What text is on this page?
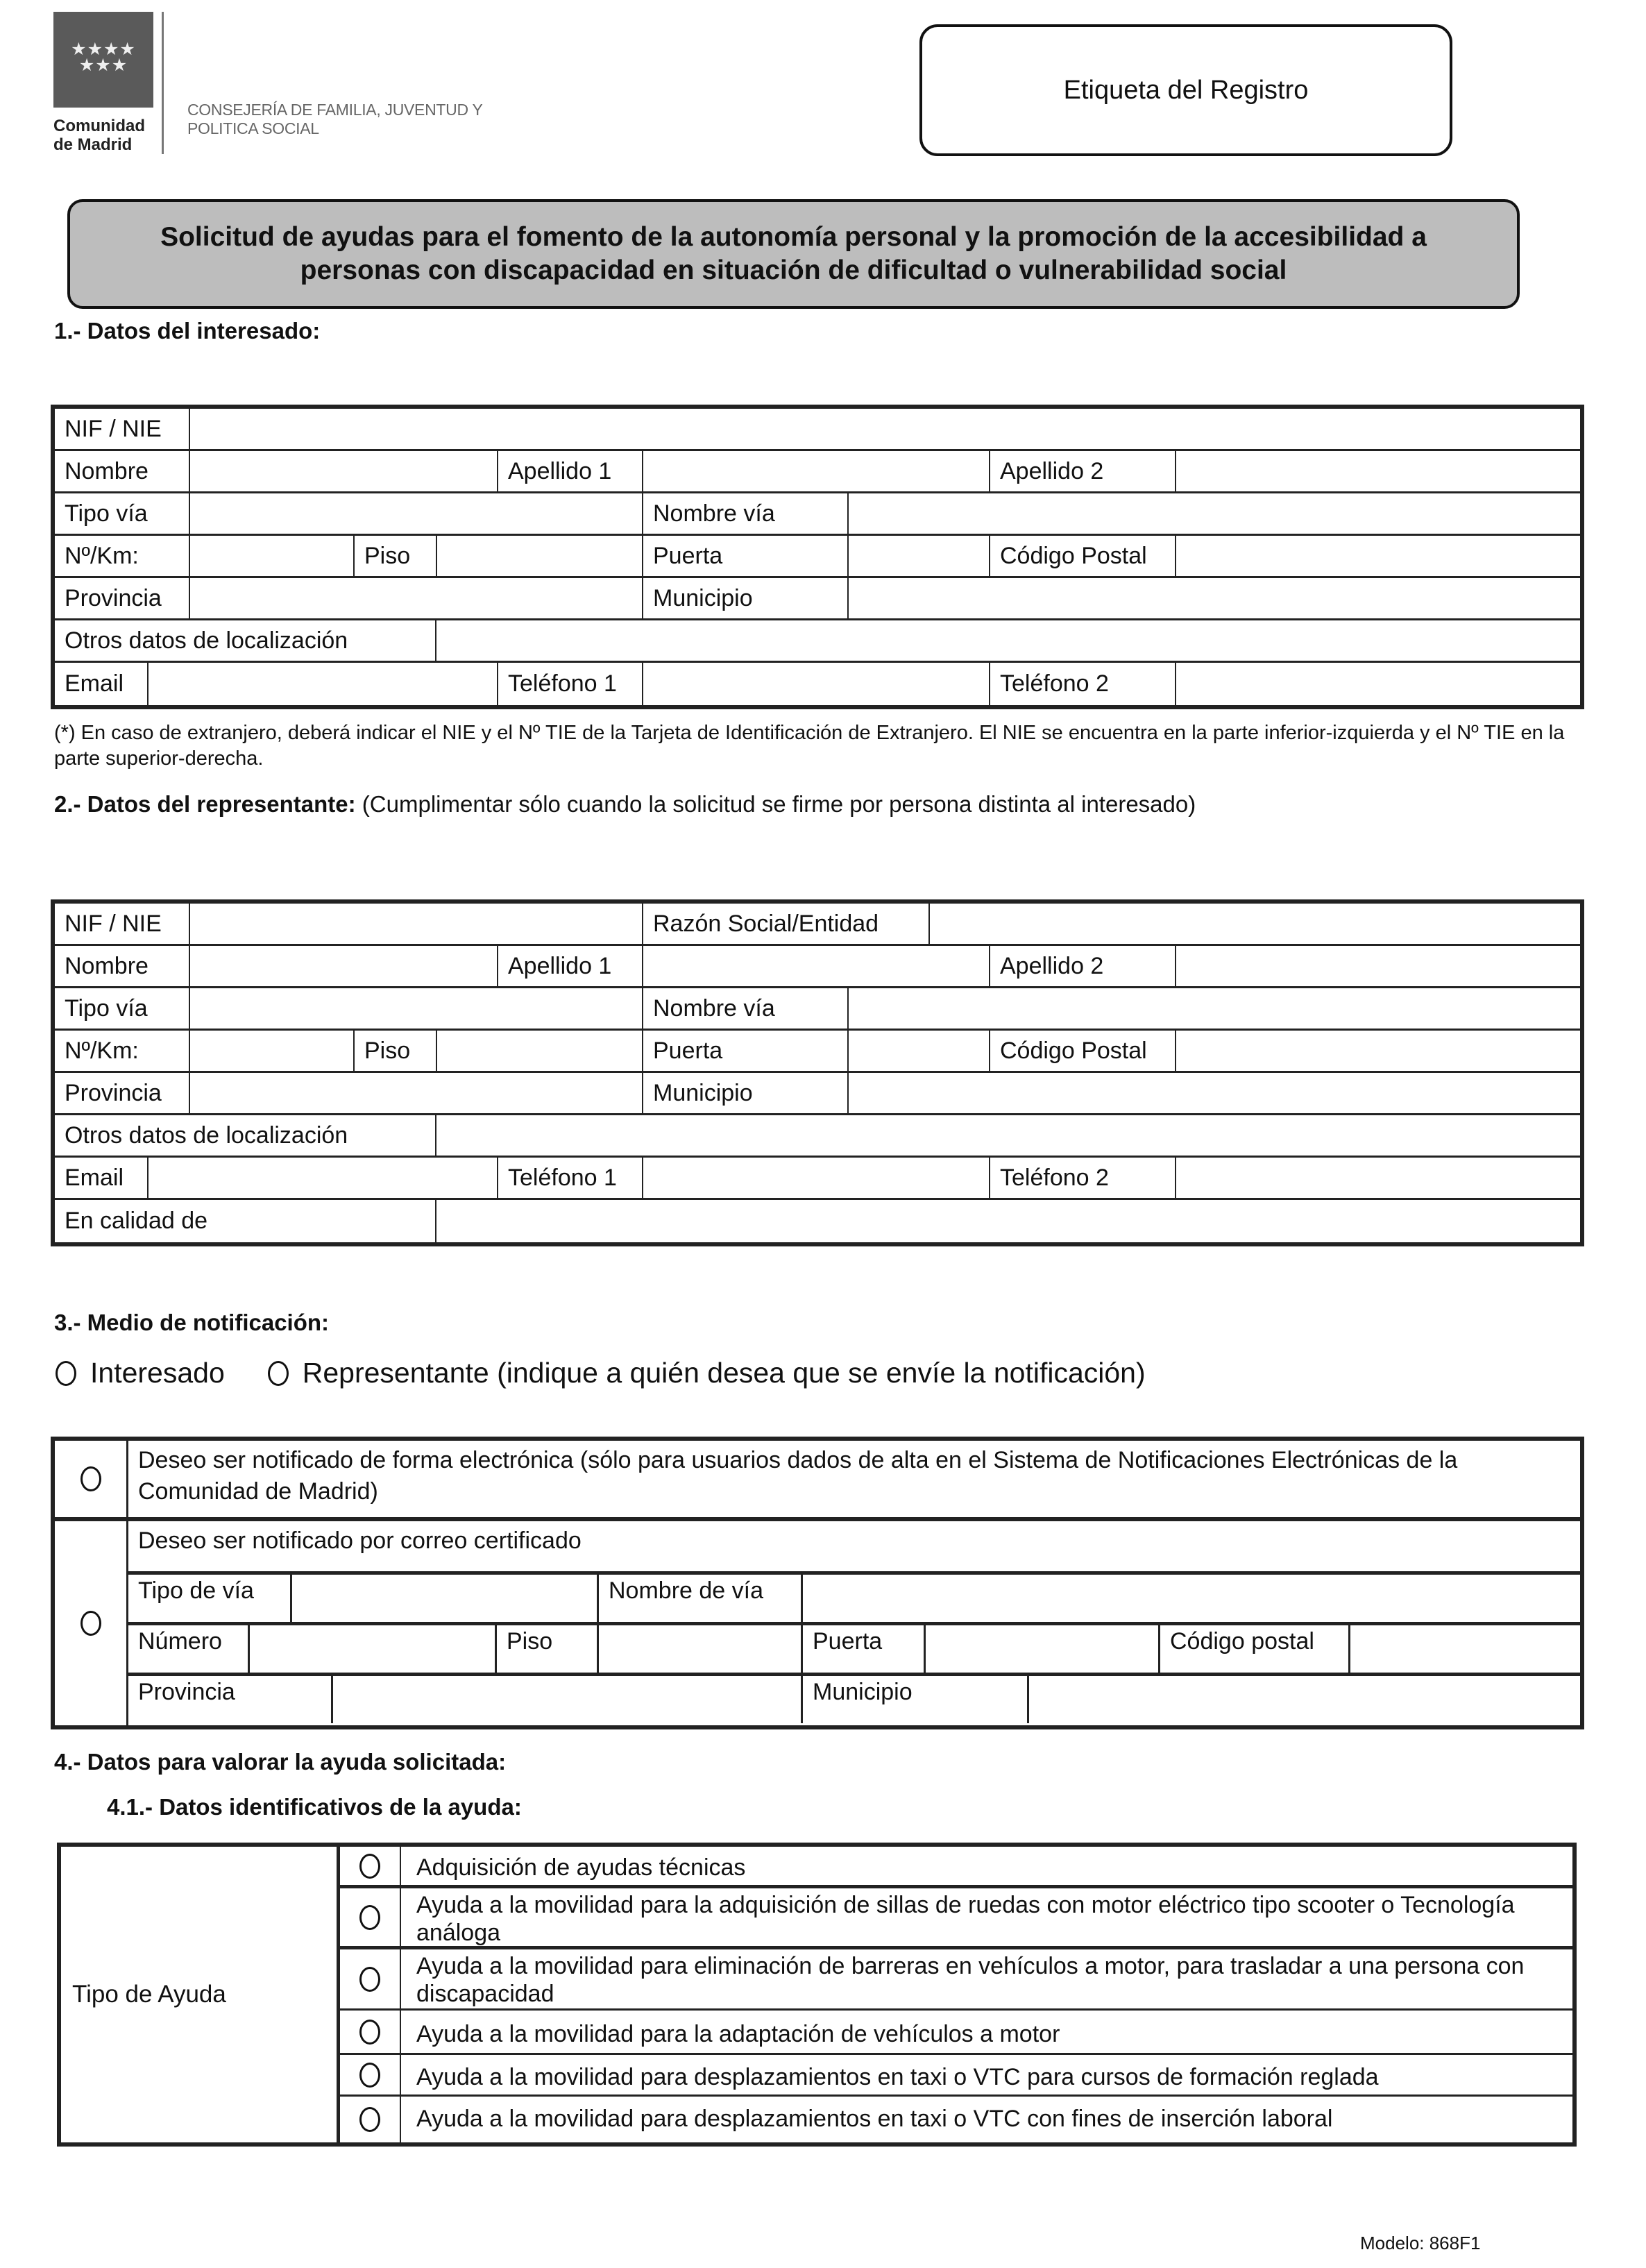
★★★★
★★★
Comunidad
de Madrid
CONSEJERÍA DE FAMILIA, JUVENTUD Y
POLITICA SOCIAL
Etiqueta del Registro
Solicitud de ayudas para el fomento de la autonomía personal y la promoción de la accesibilidad a personas con discapacidad en situación de dificultad o vulnerabilidad social
1.- Datos del interesado:
NIF / NIE
Nombre	Apellido 1	Apellido 2
Tipo vía	Nombre vía
Nº/Km:	Piso	Puerta	Código Postal
Provincia	Municipio
Otros datos de localización
Email	Teléfono 1	Teléfono 2
(*) En caso de extranjero, deberá indicar el NIE y el Nº TIE de la Tarjeta de Identificación de Extranjero. El NIE se encuentra en la parte inferior-izquierda y el Nº TIE en la parte superior-derecha.
2.- Datos del representante: (Cumplimentar sólo cuando la solicitud se firme por persona distinta al interesado)
NIF / NIE	Razón Social/Entidad
Nombre	Apellido 1	Apellido 2
Tipo vía	Nombre vía
Nº/Km:	Piso	Puerta	Código Postal
Provincia	Municipio
Otros datos de localización
Email	Teléfono 1	Teléfono 2
En calidad de
3.- Medio de notificación:
Interesado	Representante (indique a quién desea que se envíe la notificación)
Deseo ser notificado de forma electrónica (sólo para usuarios dados de alta en el Sistema de Notificaciones Electrónicas de la Comunidad de Madrid)
Deseo ser notificado por correo certificado
Tipo de vía	Nombre de vía
Número	Piso	Puerta	Código postal
Provincia	Municipio
4.- Datos para valorar la ayuda solicitada:
4.1.- Datos identificativos de la ayuda:
Tipo de Ayuda
Adquisición de ayudas técnicas
Ayuda a la movilidad para la adquisición de sillas de ruedas con motor eléctrico tipo scooter o Tecnología análoga
Ayuda a la movilidad para eliminación de barreras en vehículos a motor, para trasladar a una persona con discapacidad
Ayuda a la movilidad para la adaptación de vehículos a motor
Ayuda a la movilidad para desplazamientos en taxi o VTC para cursos de formación reglada
Ayuda a la movilidad para desplazamientos en taxi o VTC con fines de inserción laboral
Modelo: 868F1
